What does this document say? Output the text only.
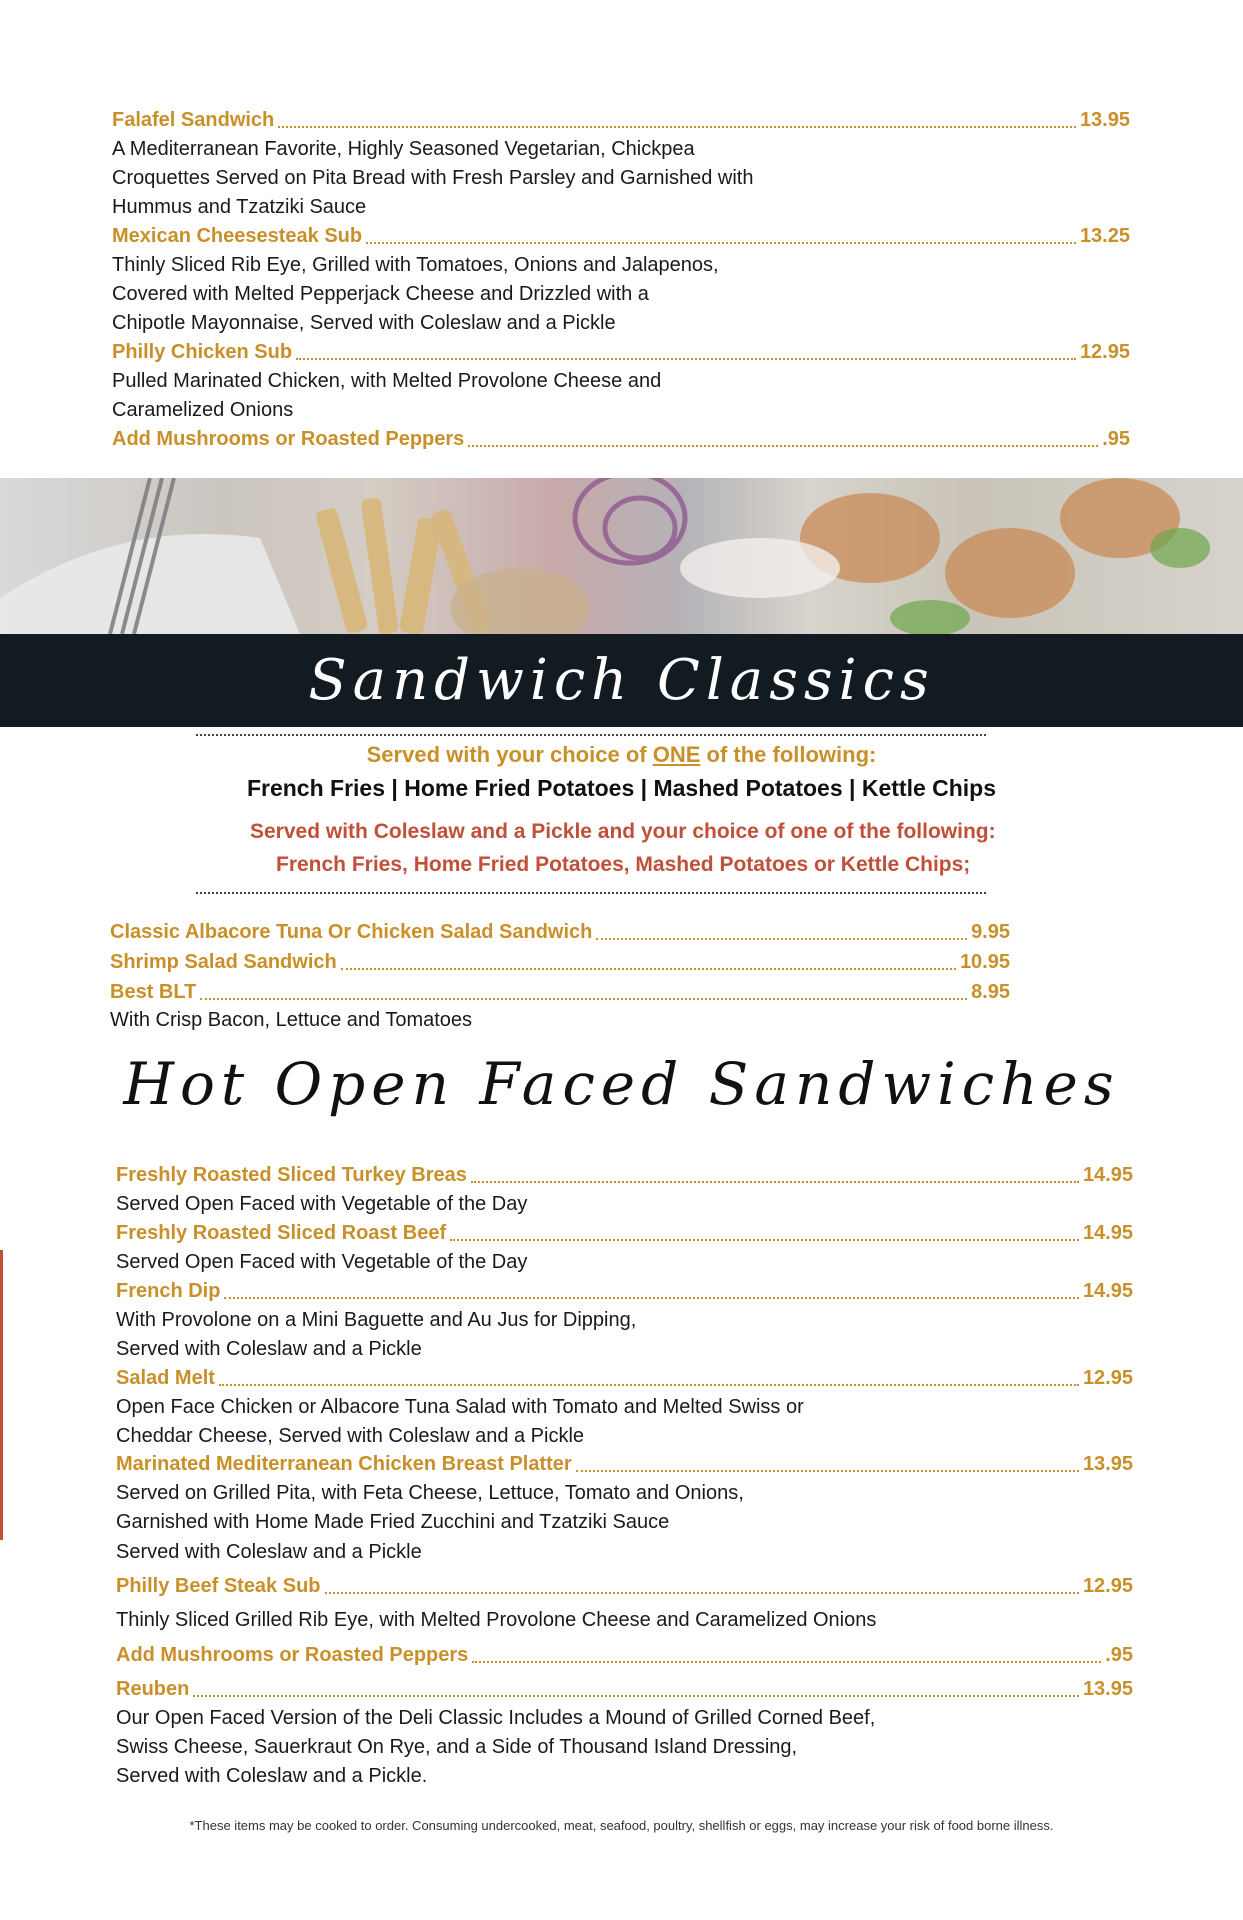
Falafel Sandwich	13.95
A Mediterranean Favorite, Highly Seasoned Vegetarian, Chickpea
Croquettes Served on Pita Bread with Fresh Parsley and Garnished with
Hummus and Tzatziki Sauce
Mexican Cheesesteak Sub	13.25
Thinly Sliced Rib Eye, Grilled with Tomatoes, Onions and Jalapenos,
Covered with Melted Pepperjack Cheese and Drizzled with a
Chipotle Mayonnaise, Served with Coleslaw and a Pickle
Philly Chicken Sub	12.95
Pulled Marinated Chicken, with Melted Provolone Cheese and
Caramelized Onions
Add Mushrooms or Roasted Peppers	.95
Sandwich Classics
Served with your choice of ONE of the following:
French Fries | Home Fried Potatoes | Mashed Potatoes | Kettle Chips
Served with Coleslaw and a Pickle and your choice of one of the following:
French Fries, Home Fried Potatoes, Mashed Potatoes or Kettle Chips;
Classic Albacore Tuna Or Chicken Salad Sandwich	9.95
Shrimp Salad Sandwich	10.95
Best BLT	8.95
With Crisp Bacon, Lettuce and Tomatoes
Hot Open Faced Sandwiches
Freshly Roasted Sliced Turkey Breas	14.95
Served Open Faced with Vegetable of the Day
Freshly Roasted Sliced Roast Beef	14.95
Served Open Faced with Vegetable of the Day
French Dip	14.95
With Provolone on a Mini Baguette and Au Jus for Dipping,
Served with Coleslaw and a Pickle
Salad Melt	12.95
Open Face Chicken or Albacore Tuna Salad with Tomato and Melted Swiss or
Cheddar Cheese, Served with Coleslaw and a Pickle
Marinated Mediterranean Chicken Breast Platter	13.95
Served on Grilled Pita, with Feta Cheese, Lettuce, Tomato and Onions,
Garnished with Home Made Fried Zucchini and Tzatziki Sauce
Served with Coleslaw and a Pickle
Philly Beef Steak Sub	12.95
Thinly Sliced Grilled Rib Eye, with Melted Provolone Cheese and Caramelized Onions
Add Mushrooms or Roasted Peppers	.95
Reuben	13.95
Our Open Faced Version of the Deli Classic Includes a Mound of Grilled Corned Beef,
Swiss Cheese, Sauerkraut On Rye, and a Side of Thousand Island Dressing,
Served with Coleslaw and a Pickle.
*These items may be cooked to order. Consuming undercooked, meat, seafood, poultry, shellfish or eggs, may increase your risk of food borne illness.
